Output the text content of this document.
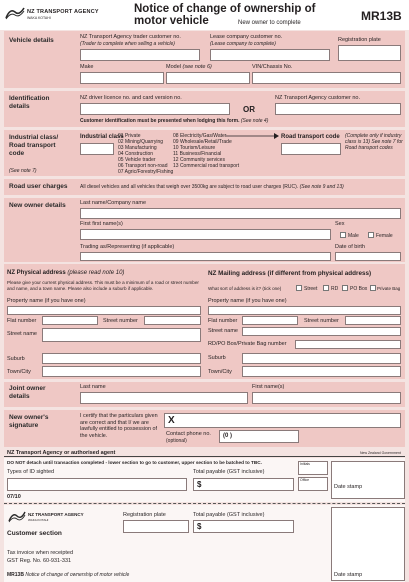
NZ TRANSPORT AGENCY
WAKA KOTAHI
Notice of change of ownership of
motor vehicle	New owner to complete	MR13B
Vehicle details	NZ Transport Agency trader customer no.
(Trader to complete when selling a vehicle)
Lease company customer no.
(Lease company to complete)
Registration plate
Make	Model (see note 6)	VIN/Chassis No.
Identification
details
NZ driver licence no. and card version no.
OR
NZ Transport Agency customer no.
Customer identification must be presented when lodging this form. (See note 4)
Industrial class/
Road transport
code
(See note 7)
Industrial class
01 Private
02 Mining/Quarrying
03 Manufacturing
04 Construction
05 Vehicle trader
06 Transport non-road
07 Agric/Forestry/Fishing
08 Electricity/Gas/Water
09 Wholesale/Retail/Trade
10 Tourism/Leisure
11 Business/Financial
12 Community services
13 Commercial road transport
Road transport code (Complete only if industry class is 13) See note 7 for Road transport codes
Road user charges All diesel vehicles and all vehicles that weigh over 3500kg are subject to road user charges (RUC). (See note 9 and 13)
New owner details	Last name/Company name
First first name(s)	Sex
Male	Female
Trading as/Representing (if applicable)	Date of birth
NZ Physical address (please read note 10)
Please give your current physical address. This must be a minimum of a road or street number and name, and a town name. Please also include a suburb if applicable.
Property name (if you have one)
Flat number	Street number
Street name
Suburb
Town/City
NZ Mailing address (if different from physical address)
What sort of address is it? (tick one)	Street	RD PO Box Private Bag
Property name (if you have one)
Flat number	Street number
Street name
RD/PO Box/Private Bag number
Suburb
Town/City
Joint owner
details
Last name	First name(s)
New owner's
signature
I certify that the particulars given are correct and that I/ we are lawfully entitled to possession of the vehicle.
X
Contact phone no.
(optional)
(0 )
NZ Transport Agency or authorised agent	New Zealand Government
DO NOT detach until transaction completed - lower section to go to customer, upper section to be batched to TBC.
Types of ID sighted	Total payable (GST inclusive)
$
Initials
Office
Date stamp
07/10
NZ TRANSPORT AGENCY
WAKA KOTAHI
Customer section
Registration plate	Total payable (GST inclusive)
$
Tax invoice when receipted
GST Reg. No. 60-931-331
MR13B Notice of change of ownership of motor vehicle	Date stamp
